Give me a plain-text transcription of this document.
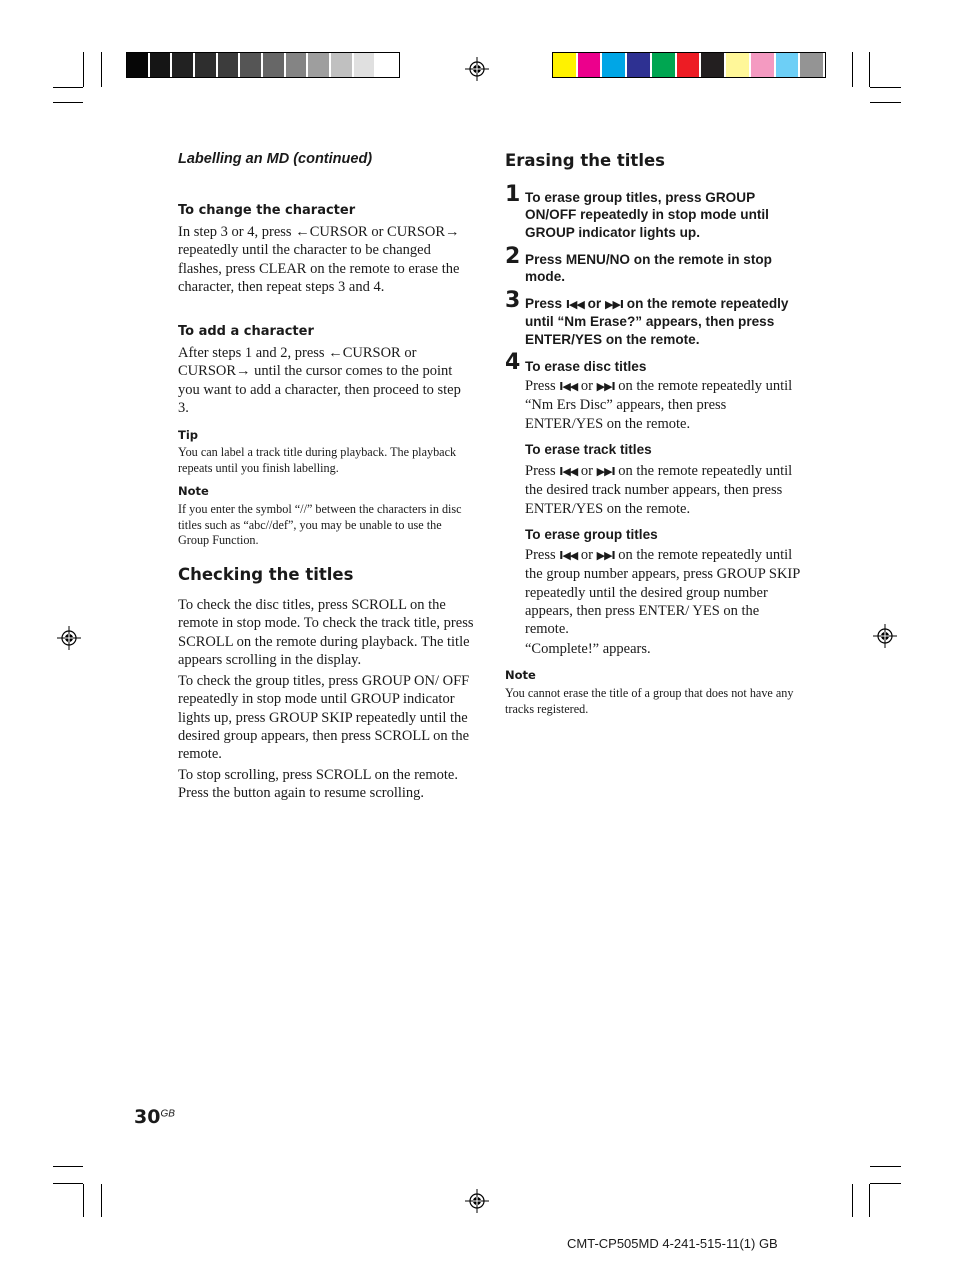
Labelling an MD (continued)
To change the character
In step 3 or 4, press ←CURSOR or CURSOR→ repeatedly until the character to be changed flashes, press CLEAR on the remote to erase the character, then repeat steps 3 and 4.
To add a character
After steps 1 and 2, press ←CURSOR or CURSOR→ until the cursor comes to the point you want to add a character, then proceed to step 3.
Tip
You can label a track title during playback. The playback repeats until you finish labelling.
Note
If you enter the symbol “//” between the characters in disc titles such as “abc//def”, you may be unable to use the Group Function.
Checking the titles
To check the disc titles, press SCROLL on the remote in stop mode. To check the track title, press SCROLL on the remote during playback. The title appears scrolling in the display.
To check the group titles, press GROUP ON/ OFF repeatedly in stop mode until GROUP indicator lights up, press GROUP SKIP repeatedly until the desired group appears, then press SCROLL on the remote.
To stop scrolling, press SCROLL on the remote. Press the button again to resume scrolling.
Erasing the titles
1 To erase group titles, press GROUP ON/OFF repeatedly in stop mode until GROUP indicator lights up.
2 Press MENU/NO on the remote in stop mode.
3 Press I◀◀ or ▶▶I on the remote repeatedly until “Nm Erase?” appears, then press ENTER/YES on the remote.
4 To erase disc titles
Press I◀◀ or ▶▶I on the remote repeatedly until “Nm Ers Disc” appears, then press ENTER/YES on the remote.
To erase track titles
Press I◀◀ or ▶▶I on the remote repeatedly until the desired track number appears, then press ENTER/YES on the remote.
To erase group titles
Press I◀◀ or ▶▶I on the remote repeatedly until the group number appears, press GROUP SKIP repeatedly until the desired group number appears, then press ENTER/ YES on the remote.
“Complete!” appears.
Note
You cannot erase the title of a group that does not have any tracks registered.
$30^{GB}$
CMT-CP505MD 4-241-515-11(1) GB
